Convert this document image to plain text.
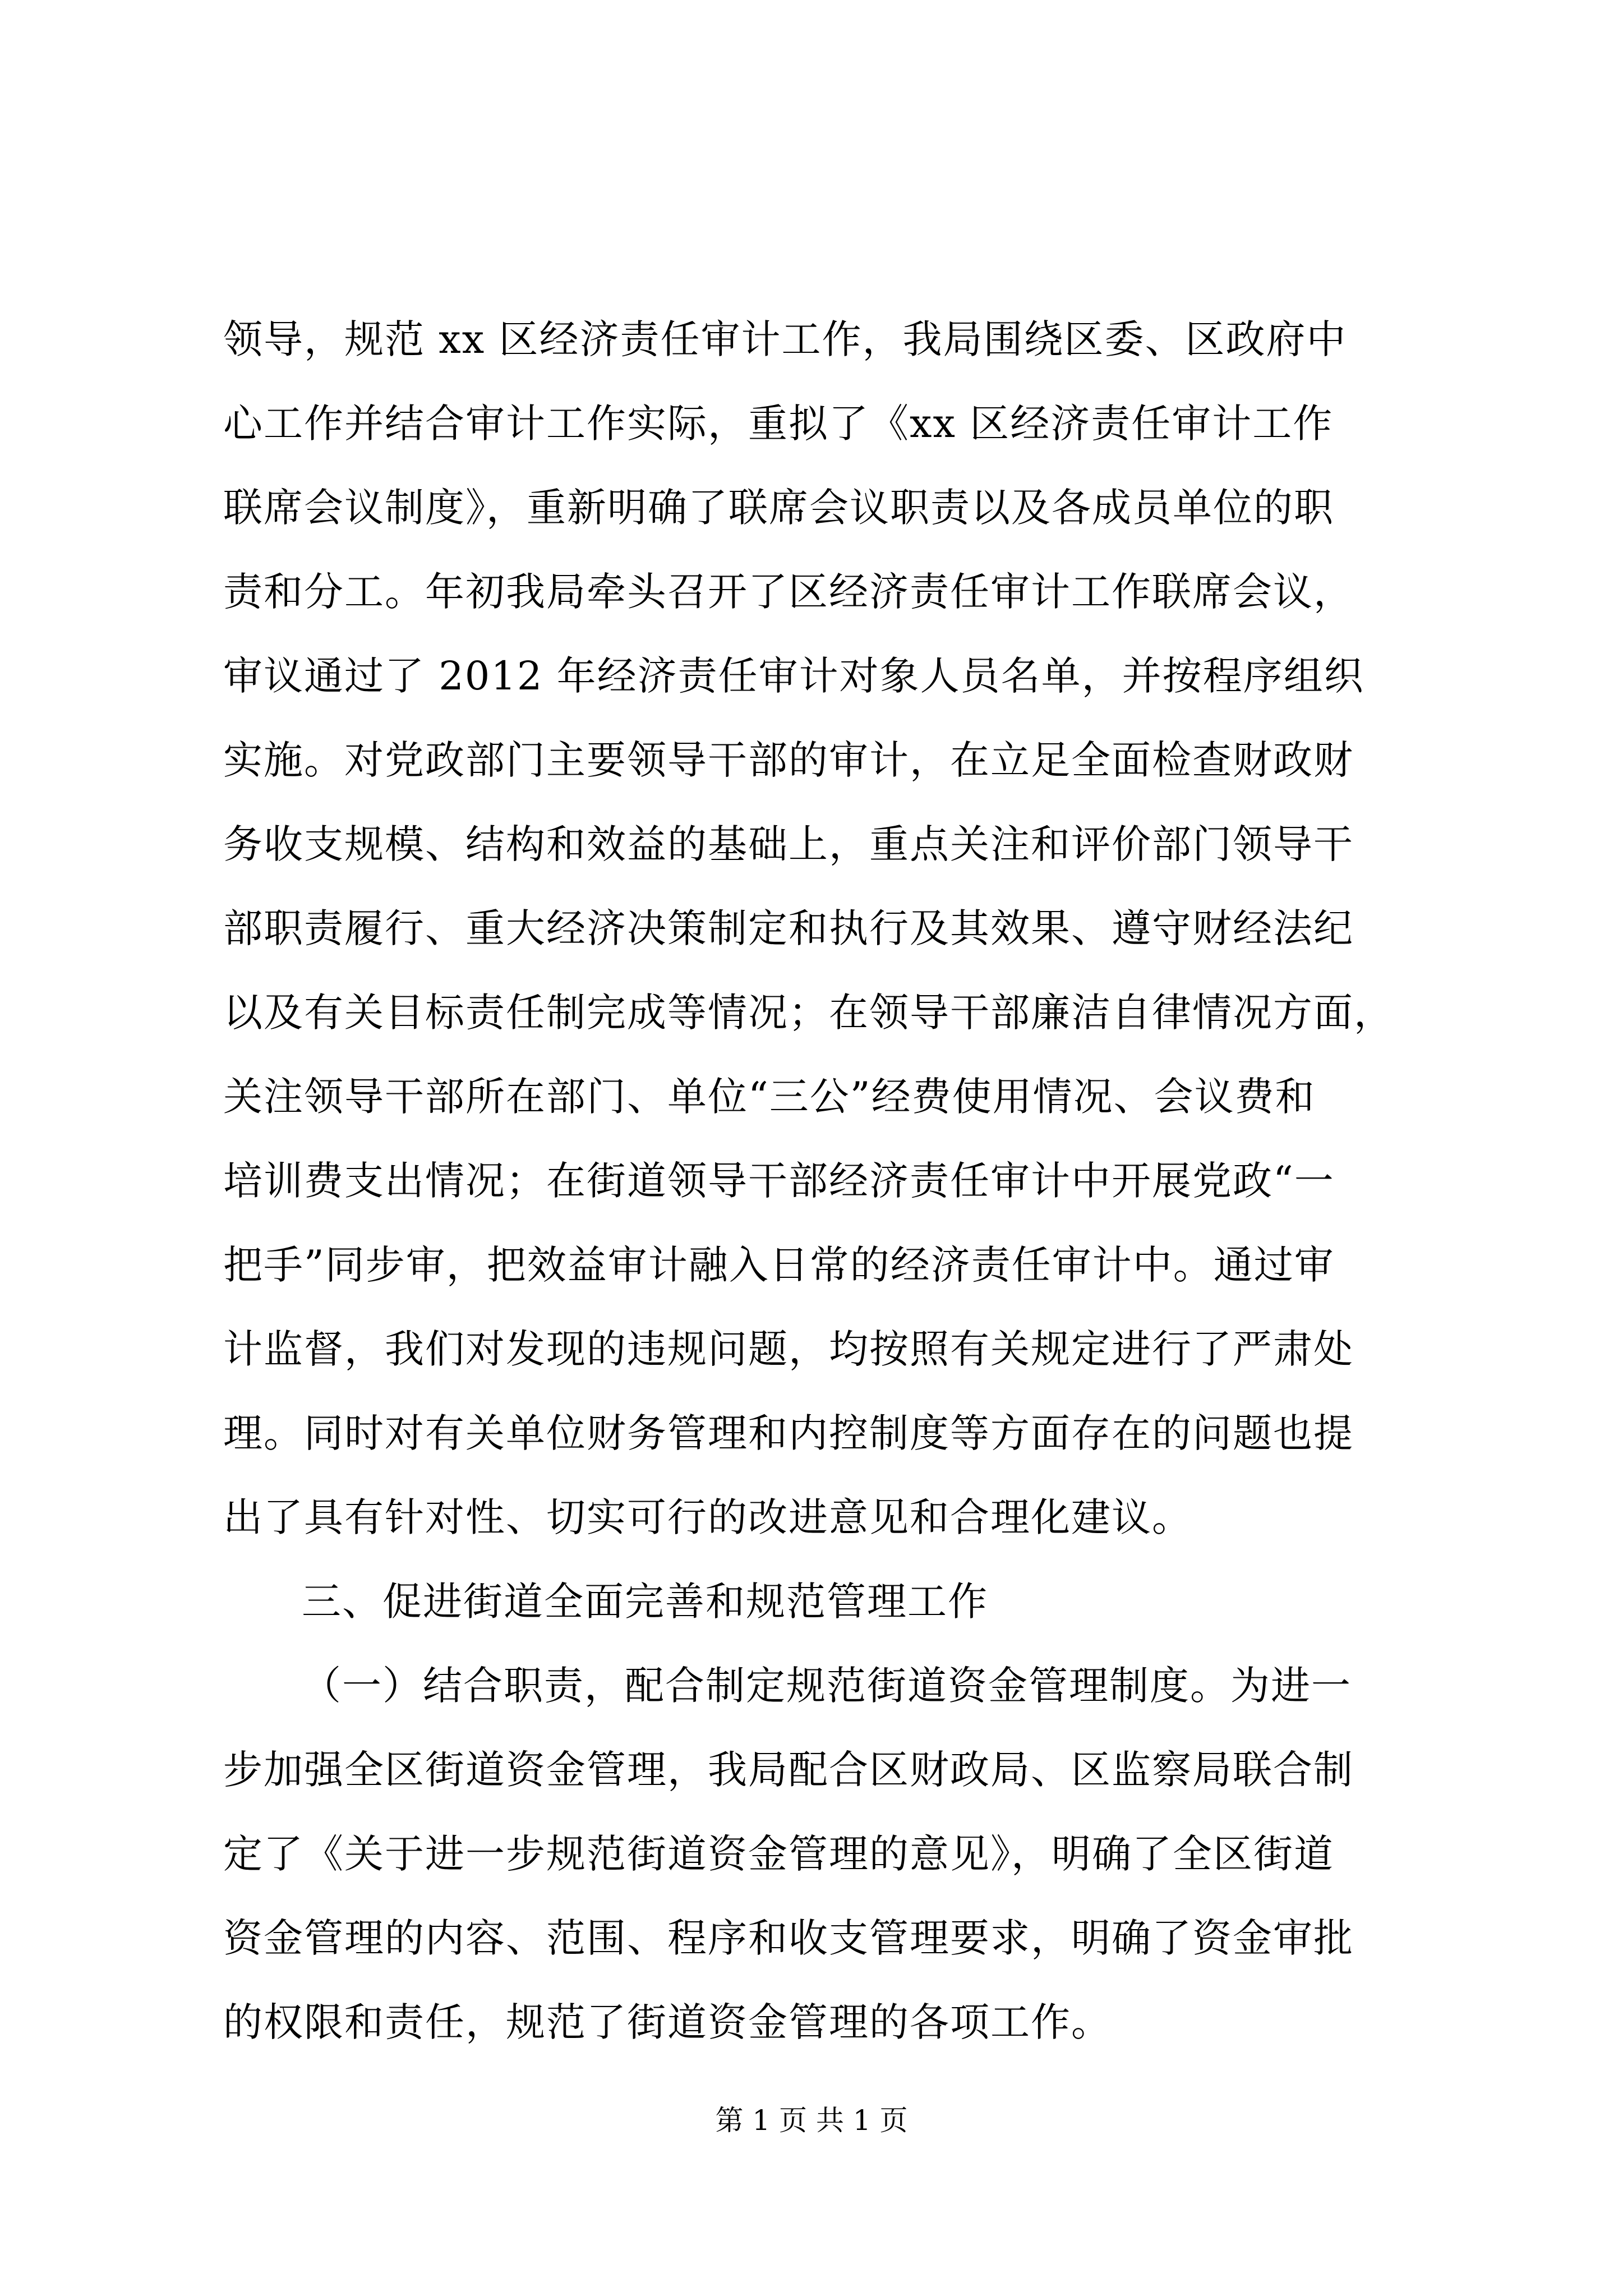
领导，规范 xx 区经济责任审计工作，我局围绕区委、区政府中
心工作并结合审计工作实际，重拟了《xx 区经济责任审计工作
联席会议制度》，重新明确了联席会议职责以及各成员单位的职
责和分工。年初我局牵头召开了区经济责任审计工作联席会议，
审议通过了 2012 年经济责任审计对象人员名单，并按程序组织
实施。对党政部门主要领导干部的审计，在立足全面检查财政财
务收支规模、结构和效益的基础上，重点关注和评价部门领导干
部职责履行、重大经济决策制定和执行及其效果、遵守财经法纪
以及有关目标责任制完成等情况；在领导干部廉洁自律情况方面，
关注领导干部所在部门、单位“三公”经费使用情况、会议费和
培训费支出情况；在街道领导干部经济责任审计中开展党政“一
把手”同步审，把效益审计融入日常的经济责任审计中。通过审
计监督，我们对发现的违规问题，均按照有关规定进行了严肃处
理。同时对有关单位财务管理和内控制度等方面存在的问题也提
出了具有针对性、切实可行的改进意见和合理化建议。
三、促进街道全面完善和规范管理工作
（一）结合职责，配合制定规范街道资金管理制度。为进一
步加强全区街道资金管理，我局配合区财政局、区监察局联合制
定了《关于进一步规范街道资金管理的意见》，明确了全区街道
资金管理的内容、范围、程序和收支管理要求，明确了资金审批
的权限和责任，规范了街道资金管理的各项工作。
第 1 页 共 1 页
